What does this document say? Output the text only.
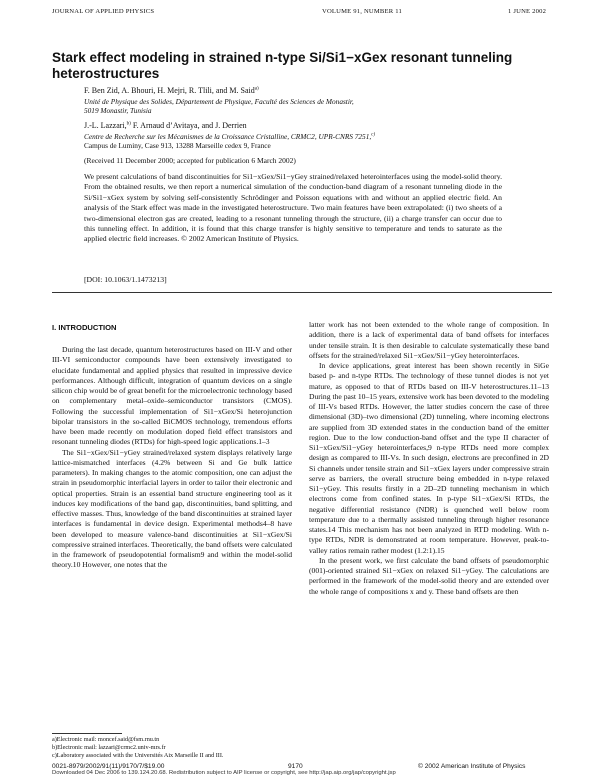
JOURNAL OF APPLIED PHYSICS	VOLUME 91, NUMBER 11	1 JUNE 2002
Stark effect modeling in strained n-type Si/Si1−xGex resonant tunneling heterostructures
F. Ben Zid, A. Bhouri, H. Mejri, R. Tlili, and M. Said$^{a)}$
Unité de Physique des Solides, Département de Physique, Faculté des Sciences de Monastir,
5019 Monastir, Tunisia
J.-L. Lazzari,$^{b)}$ F. Arnaud d’Avitaya, and J. Derrien
Centre de Recherche sur les Mécanismes de la Croissance Cristalline, CRMC2, UPR-CNRS 7251,$^{c)}$
Campus de Luminy, Case 913, 13288 Marseille cedex 9, France
(Received 11 December 2000; accepted for publication 6 March 2002)
We present calculations of band discontinuities for Si1−xGex/Si1−yGey strained/relaxed heterointerfaces using the model-solid theory. From the obtained results, we then report a numerical simulation of the conduction-band diagram of a resonant tunneling diode in the Si/Si1−xGex system by solving self-consistently Schrödinger and Poisson equations with and without an applied electric field. An analysis of the Stark effect was made in the investigated heterostructure. Two main features have been extrapolated: (i) two sheets of a two-dimensional electron gas are created, leading to a resonant tunneling through the structure, (ii) a charge transfer can occur due to this tunneling effect. In addition, it is found that this charge transfer is highly sensitive to temperature and tends to saturate as the applied electric field increases. © 2002 American Institute of Physics.
[DOI: 10.1063/1.1473213]
I. INTRODUCTION

During the last decade, quantum heterostructures based on III-V and other III-VI semiconductor compounds have been extensively investigated to elucidate fundamental and applied physics that resulted in impressive device performances. Although difficult, integration of quantum devices on a single silicon chip would be of great benefit for the microelectronic technology based on complementary metal–oxide–semiconductor transistors (CMOS). Following the successful implementation of Si1−xGex/Si heterojunction bipolar transistors in the so-called BiCMOS technology, tremendous efforts have been made recently on modulation doped field effect transistors and resonant tunneling diodes (RTDs) for high-speed logic applications.1–3

The Si1−xGex/Si1−yGey strained/relaxed system displays relatively large lattice-mismatched interfaces (4.2% between Si and Ge bulk lattice parameters). In making changes to the atomic composition, one can adjust the strain in pseudomorphic interfacial layers in order to tailor their electronic and optical properties. Strain is an essential band structure engineering tool as it induces key modifications of the band gap, discontinuities, band splitting, and effective masses. Thus, knowledge of the band discontinuities at strained layer interfaces is fundamental in device design. Experimental methods4–8 have been developed to measure valence-band discontinuities at Si1−xGex/Si compressive strained interfaces. Theoretically, the band offsets were calculated in the framework of pseudopotential formalism9 and within the model-solid theory.10 However, one notes that the

latter work has not been extended to the whole range of composition. In addition, there is a lack of experimental data of band offsets for interfaces under tensile strain. It is then desirable to calculate systematically these band offsets for the strained/relaxed Si1−xGex/Si1−yGey heterointerfaces.

In device applications, great interest has been shown recently in SiGe based p- and n-type RTDs. The technology of these tunnel diodes is not yet mature, as opposed to that of RTDs based on III-V heterostructures.11–13 During the past 10–15 years, extensive work has been devoted to the modeling of III-Vs based RTDs. However, the latter studies concern the case of three dimensional (3D)–two dimensional (2D) tunneling, where incoming electrons are supplied from 3D extended states in the conduction band of the emitter region. Due to the low conduction-band offset and the type II character of Si1−xGex/Si1−yGey heterointerfaces,9 n-type RTDs need more complex design as compared to III-Vs. In such design, electrons are preconfined in 2D Si channels under tensile strain and Si1−xGex layers under compressive strain serve as barriers, the overall structure being embedded in n-type relaxed Si1−yGey. This results firstly in a 2D–2D tunneling mechanism in which electrons come from confined states. In p-type Si1−xGex/Si RTDs, the negative differential resistance (NDR) is quenched well below room temperature due to a thermally assisted tunneling through higher resonance states.14 This mechanism has not been analyzed in RTD modeling. With n-type RTDs, NDR is demonstrated at room temperature. However, peak-to-valley ratios remain rather modest (1.2:1).15

In the present work, we first calculate the band offsets of pseudomorphic (001)-oriented strained Si1−xGex on relaxed Si1−yGey. The calculations are performed in the framework of the model-solid theory and are extended over the whole range of compositions x and y. These band offsets are then

a)Electronic mail: moncef.said@fsm.rnu.tn
b)Electronic mail: lazzari@crmc2.univ-mrs.fr
c)Laboratory associated with the Universités Aix Marseille II and III.
0021-8979/2002/91(11)/9170/7/$19.00	9170	© 2002 American Institute of Physics
Downloaded 04 Dec 2006 to 139.124.20.68. Redistribution subject to AIP license or copyright, see http://jap.aip.org/jap/copyright.jsp
